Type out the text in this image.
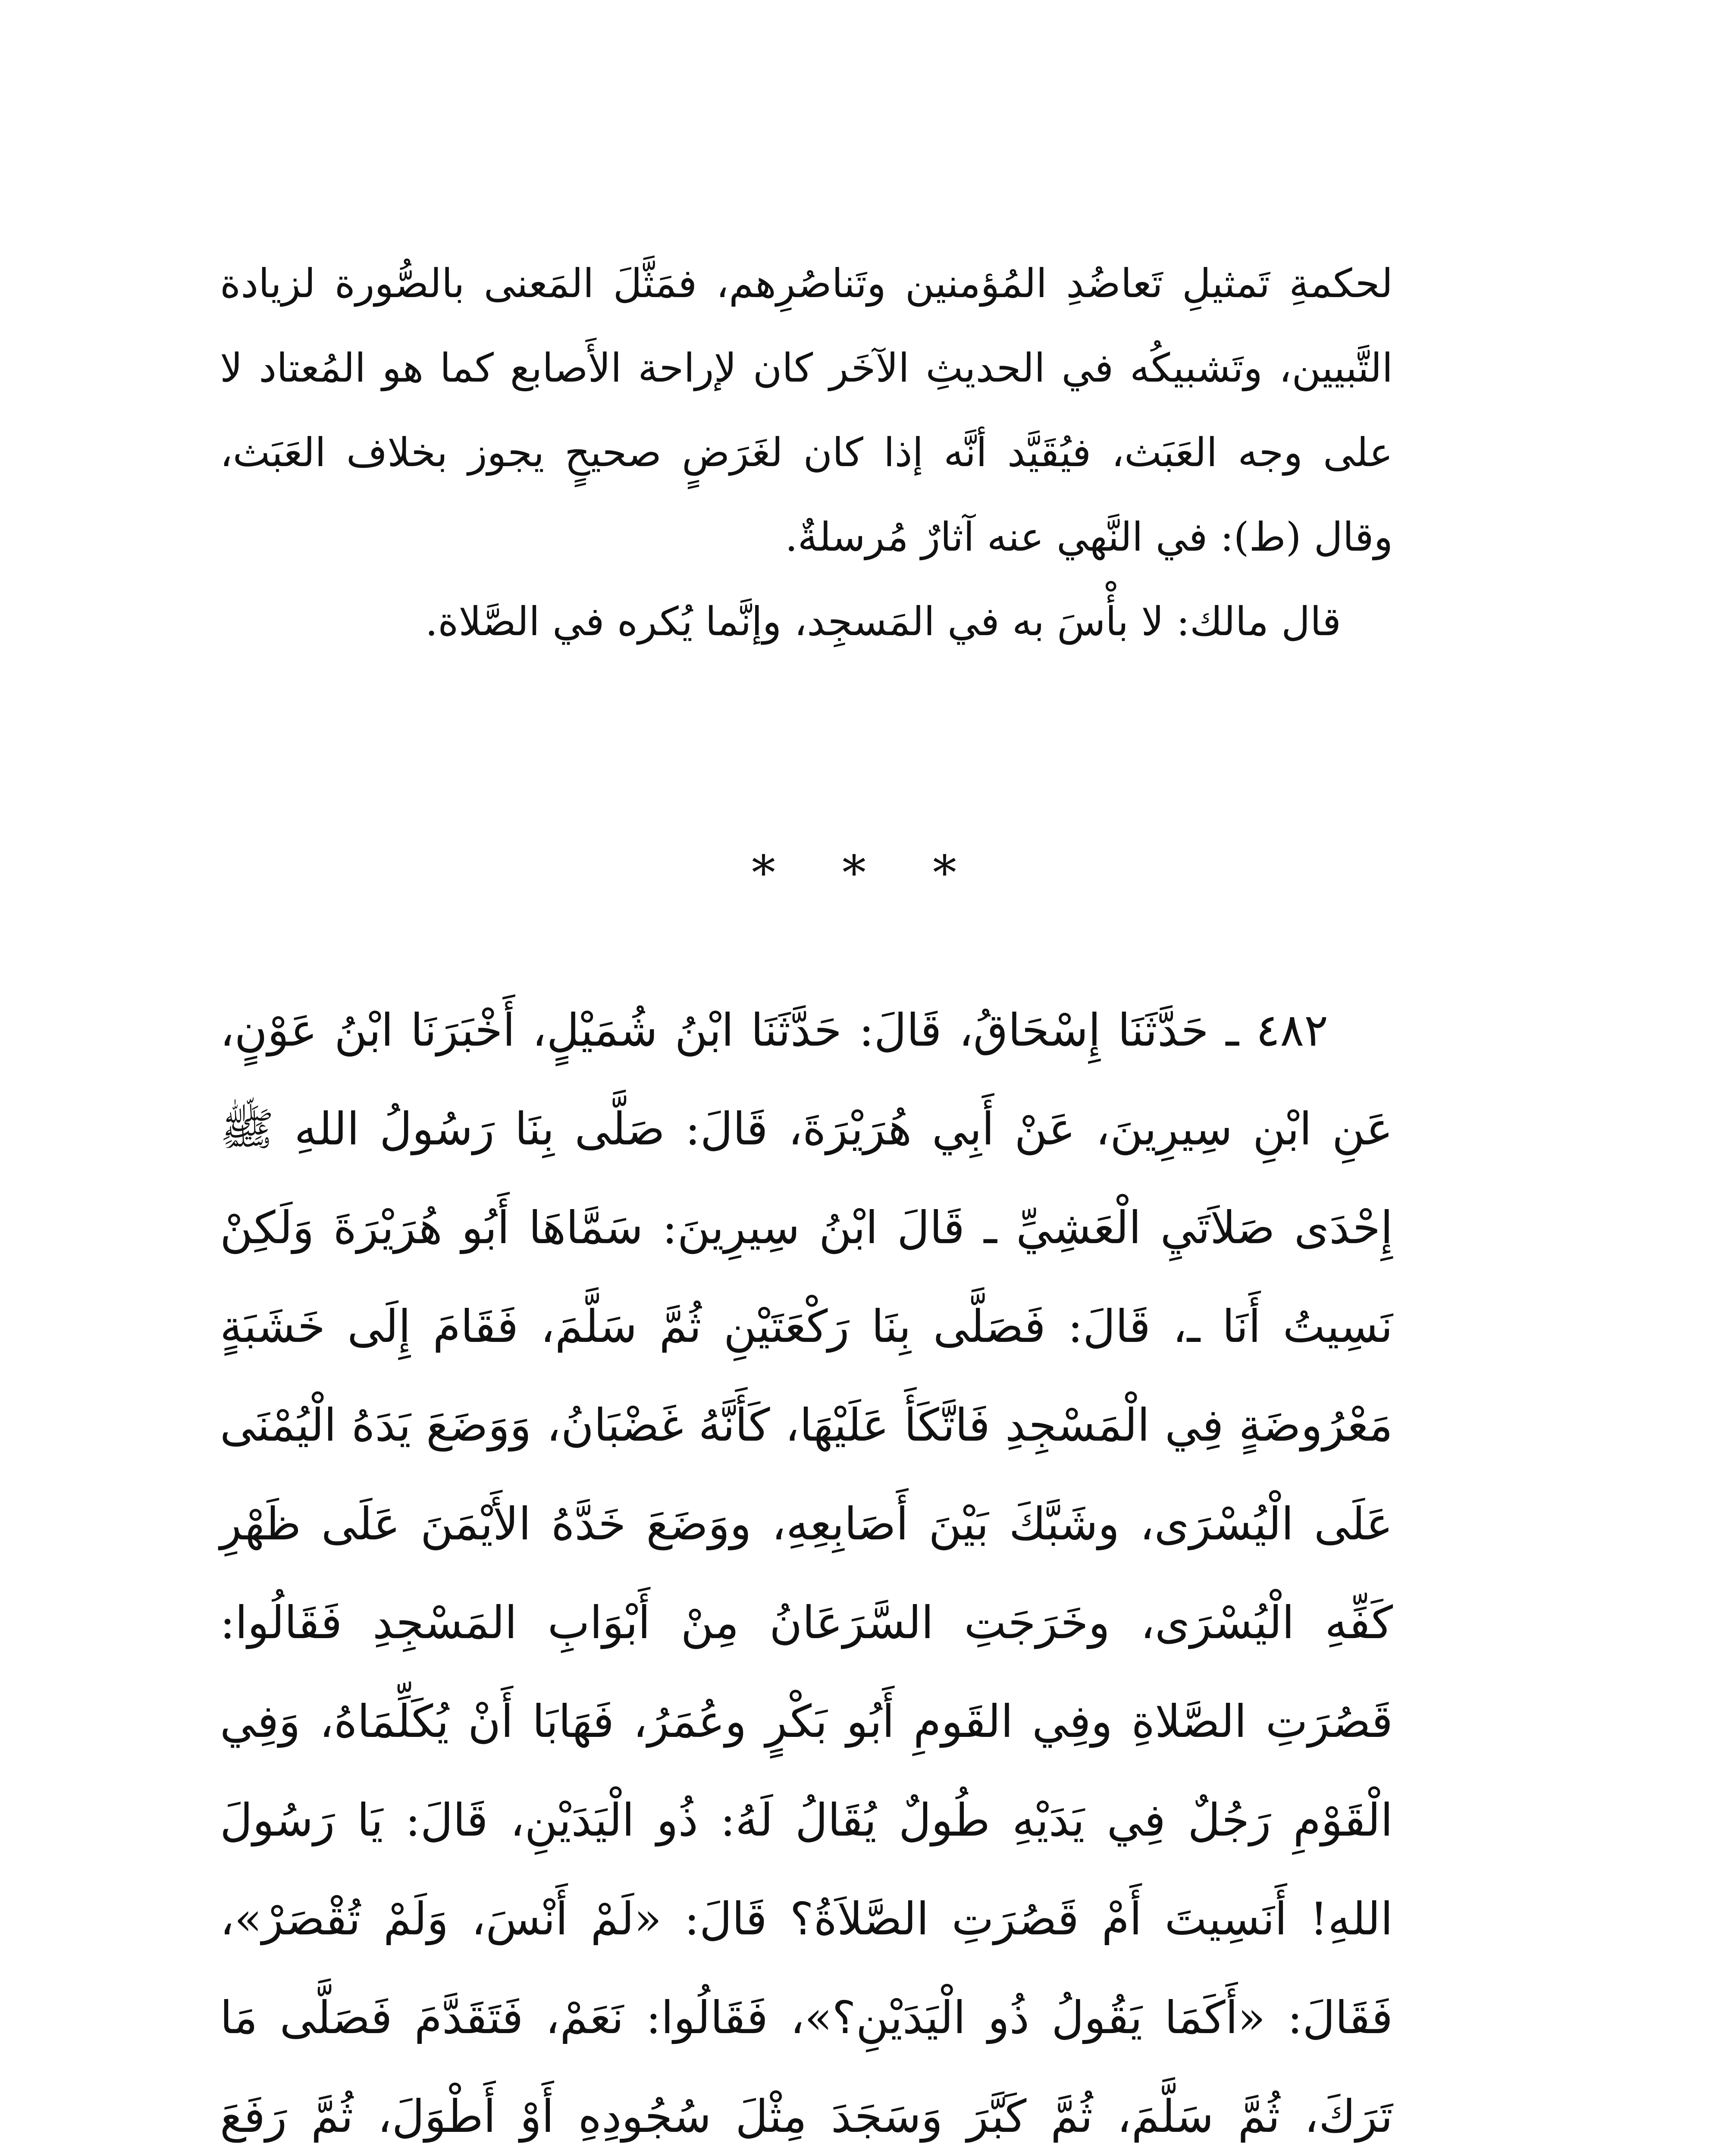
لحكمةِ تَمثيلِ تَعاضُدِ المُؤمنين وتَناصُرِهم، فمَثَّلَ المَعنى بالصُّورة لزيادة التَّبيين، وتَشبيكُه في الحديثِ الآخَر كان لإراحة الأَصابع كما هو المُعتاد لا على وجه العَبَث، فيُقَيَّد أنَّه إذا كان لغَرَضٍ صحيحٍ يجوز بخلاف العَبَث، وقال (ط): في النَّهي عنه آثارٌ مُرسلةٌ.

قال مالك: لا بأْسَ به في المَسجِد، وإنَّما يُكره في الصَّلاة.

* * *

٤٨٢ ـ حَدَّثَنَا إِسْحَاقُ، قَالَ: حَدَّثَنَا ابْنُ شُمَيْلٍ، أَخْبَرَنَا ابْنُ عَوْنٍ، عَنِ ابْنِ سِيرِينَ، عَنْ أَبِي هُرَيْرَةَ، قَالَ: صَلَّى بِنَا رَسُولُ اللهِ ﷺ إِحْدَى صَلاَتَيِ الْعَشِيِّ ـ قَالَ ابْنُ سِيرِينَ: سَمَّاهَا أَبُو هُرَيْرَةَ وَلَكِنْ نَسِيتُ أَنَا ـ، قَالَ: فَصَلَّى بِنَا رَكْعَتَيْنِ ثُمَّ سَلَّمَ، فَقَامَ إِلَى خَشَبَةٍ مَعْرُوضَةٍ فِي الْمَسْجِدِ فَاتَّكَأَ عَلَيْهَا، كَأَنَّهُ غَضْبَانُ، وَوَضَعَ يَدَهُ الْيُمْنَى عَلَى الْيُسْرَى، وشَبَّكَ بَيْنَ أَصَابِعِهِ، ووَضَعَ خَدَّهُ الأَيْمَنَ عَلَى ظَهْرِ كَفِّهِ الْيُسْرَى، وخَرَجَتِ السَّرَعَانُ مِنْ أَبْوَابِ المَسْجِدِ فَقَالُوا: قَصُرَتِ الصَّلاةِ وفِي القَومِ أَبُو بَكْرٍ وعُمَرُ، فَهَابَا أَنْ يُكَلِّمَاهُ، وَفِي الْقَوْمِ رَجُلٌ فِي يَدَيْهِ طُولٌ يُقَالُ لَهُ: ذُو الْيَدَيْنِ، قَالَ: يَا رَسُولَ اللهِ! أَنَسِيتَ أَمْ قَصُرَتِ الصَّلاَةُ؟ قَالَ: «لَمْ أَنْسَ، وَلَمْ تُقْصَرْ»، فَقَالَ: «أَكَمَا يَقُولُ ذُو الْيَدَيْنِ؟»، فَقَالُوا: نَعَمْ، فَتَقَدَّمَ فَصَلَّى مَا تَرَكَ، ثُمَّ سَلَّمَ، ثُمَّ كَبَّرَ وَسَجَدَ مِثْلَ سُجُودِهِ أَوْ أَطْوَلَ، ثُمَّ رَفَعَ
